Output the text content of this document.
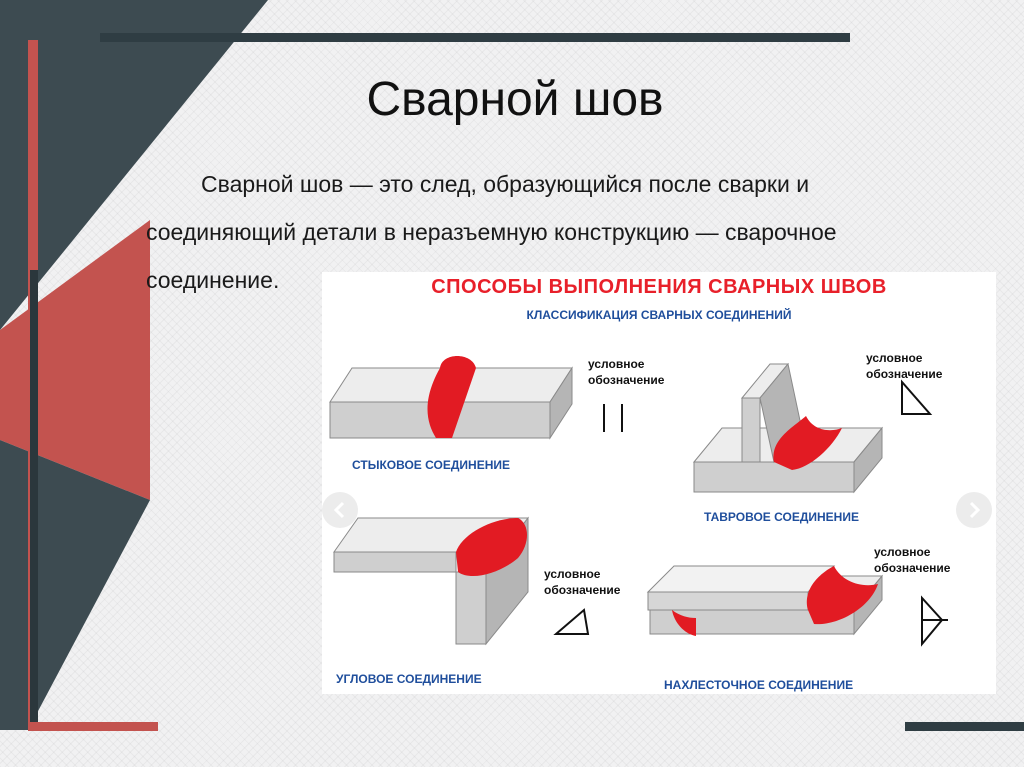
Сварной шов
Сварной шов — это след, образующийся после сварки и
соединяющий детали в неразъемную конструкцию — сварочное
соединение.	СПОСОБЫ ВЫПОЛНЕНИЯ СВАРНЫХ ШВОВ
КЛАССИФИКАЦИЯ СВАРНЫХ СОЕДИНЕНИЙ
СТЫКОВОЕ СОЕДИНЕНИЕ
ТАВРОВОЕ СОЕДИНЕНИЕ
УГЛОВОЕ СОЕДИНЕНИЕ	НАХЛЕСТОЧНОЕ СОЕДИНЕНИЕ
условное
обозначение
условное
обозначение
условное
обозначение
условное
обозначение
